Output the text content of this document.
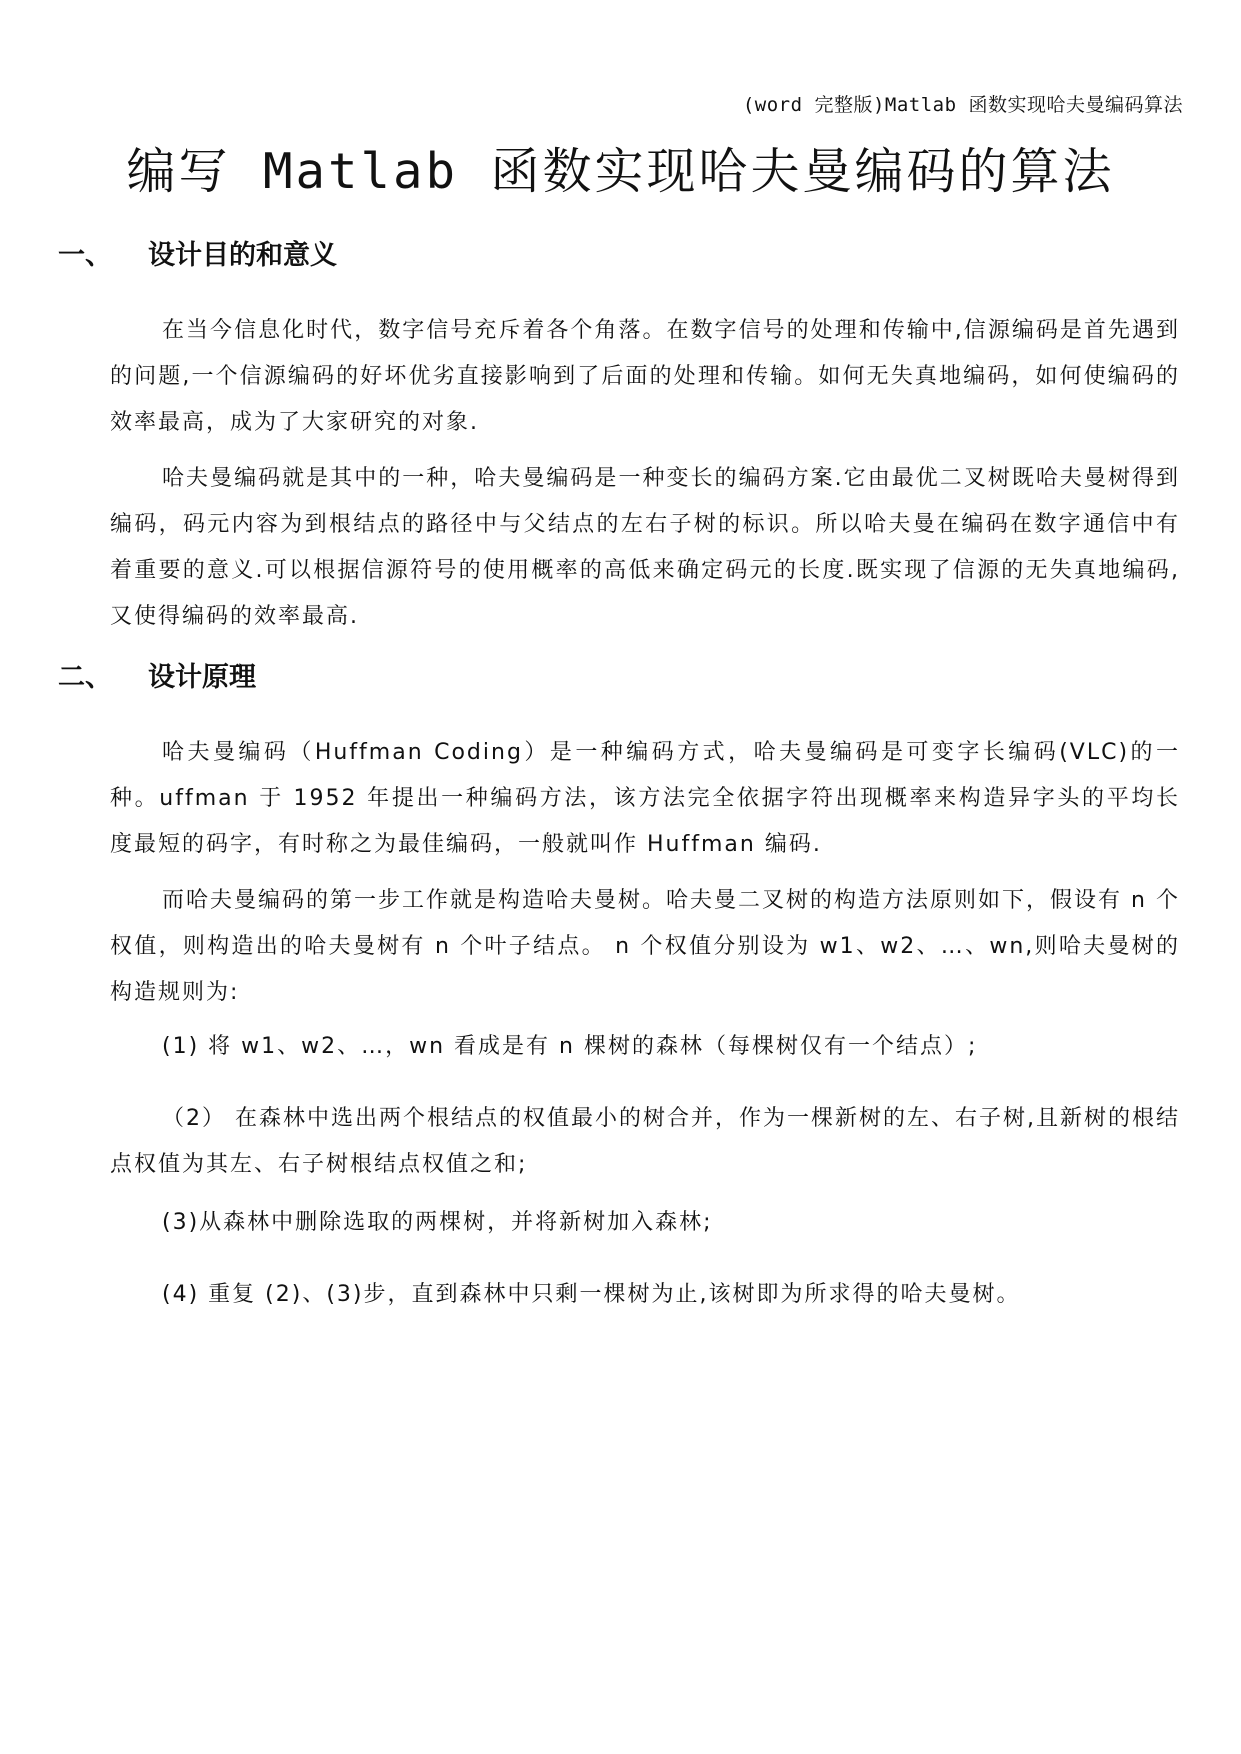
(word 完整版)Matlab 函数实现哈夫曼编码算法
编写 Matlab 函数实现哈夫曼编码的算法
一、 设计目的和意义

在当今信息化时代，数字信号充斥着各个角落。在数字信号的处理和传输中,信源编码是首先遇到的问题,一个信源编码的好坏优劣直接影响到了后面的处理和传输。如何无失真地编码，如何使编码的效率最高，成为了大家研究的对象.

哈夫曼编码就是其中的一种，哈夫曼编码是一种变长的编码方案.它由最优二叉树既哈夫曼树得到编码，码元内容为到根结点的路径中与父结点的左右子树的标识。所以哈夫曼在编码在数字通信中有着重要的意义.可以根据信源符号的使用概率的高低来确定码元的长度.既实现了信源的无失真地编码,又使得编码的效率最高.

二、 设计原理

哈夫曼编码（Huffman Coding）是一种编码方式，哈夫曼编码是可变字长编码(VLC)的一种。uffman 于 1952 年提出一种编码方法，该方法完全依据字符出现概率来构造异字头的平均长 度最短的码字，有时称之为最佳编码，一般就叫作 Huffman 编码.

而哈夫曼编码的第一步工作就是构造哈夫曼树。哈夫曼二叉树的构造方法原则如下，假设有 n 个权值，则构造出的哈夫曼树有 n 个叶子结点。 n 个权值分别设为 w1、w2、…、wn,则哈夫曼树的构造规则为:

(1) 将 w1、w2、…，wn 看成是有 n 棵树的森林（每棵树仅有一个结点）;

（2） 在森林中选出两个根结点的权值最小的树合并，作为一棵新树的左、右子树,且新树的根结点权值为其左、右子树根结点权值之和;

(3)从森林中删除选取的两棵树，并将新树加入森林;

(4) 重复 (2)、(3)步，直到森林中只剩一棵树为止,该树即为所求得的哈夫曼树。
